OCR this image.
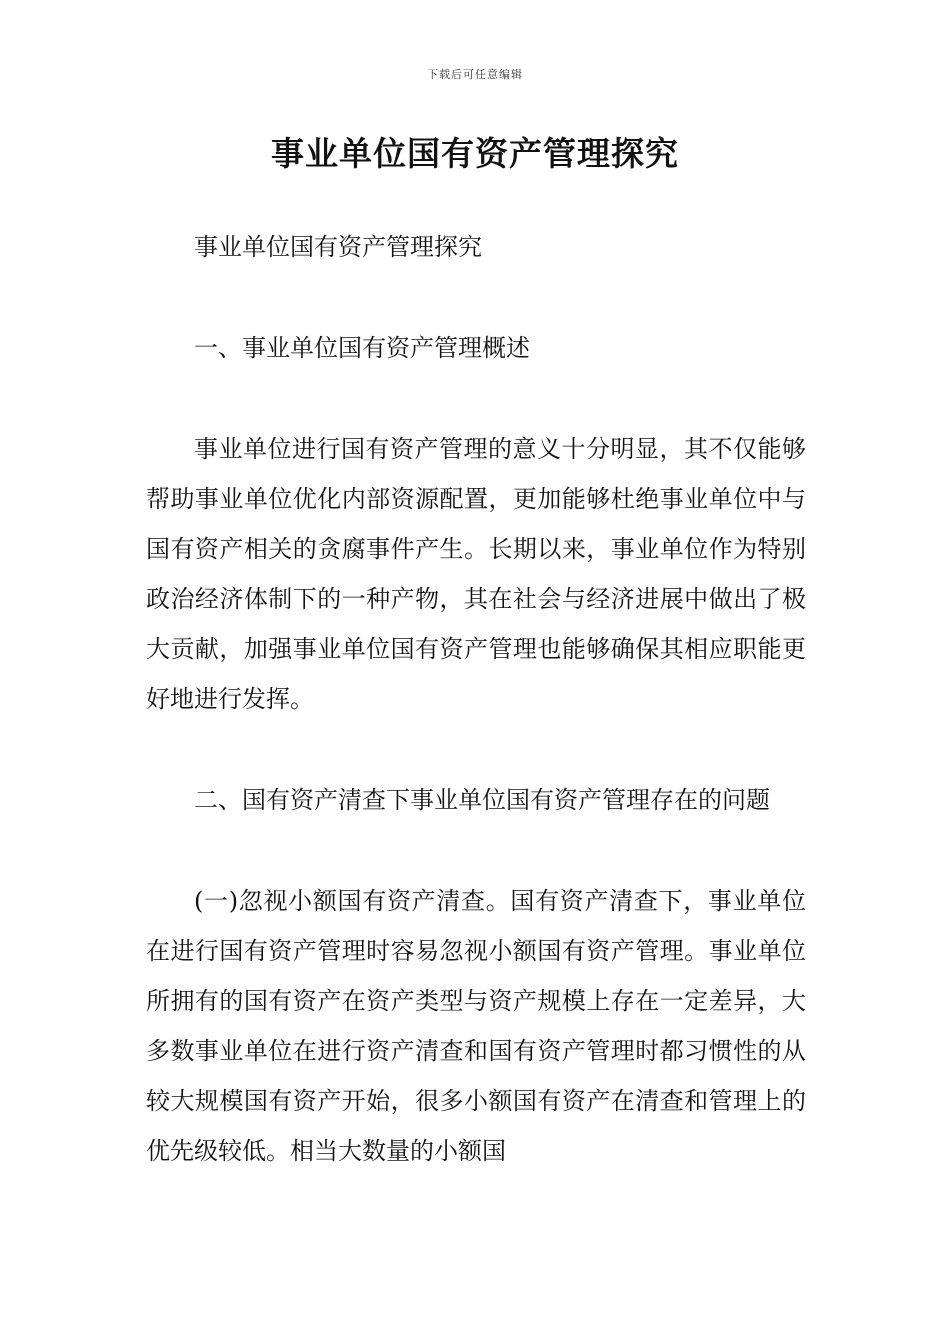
下载后可任意编辑
事业单位国有资产管理探究

事业单位国有资产管理探究

一、事业单位国有资产管理概述

事业单位进行国有资产管理的意义十分明显，其不仅能够帮助事业单位优化内部资源配置，更加能够杜绝事业单位中与国有资产相关的贪腐事件产生。长期以来，事业单位作为特别政治经济体制下的一种产物，其在社会与经济进展中做出了极大贡献，加强事业单位国有资产管理也能够确保其相应职能更好地进行发挥。

二、国有资产清查下事业单位国有资产管理存在的问题

(一)忽视小额国有资产清查。国有资产清查下，事业单位在进行国有资产管理时容易忽视小额国有资产管理。事业单位所拥有的国有资产在资产类型与资产规模上存在一定差异，大多数事业单位在进行资产清查和国有资产管理时都习惯性的从较大规模国有资产开始，很多小额国有资产在清查和管理上的优先级较低。相当大数量的小额国
